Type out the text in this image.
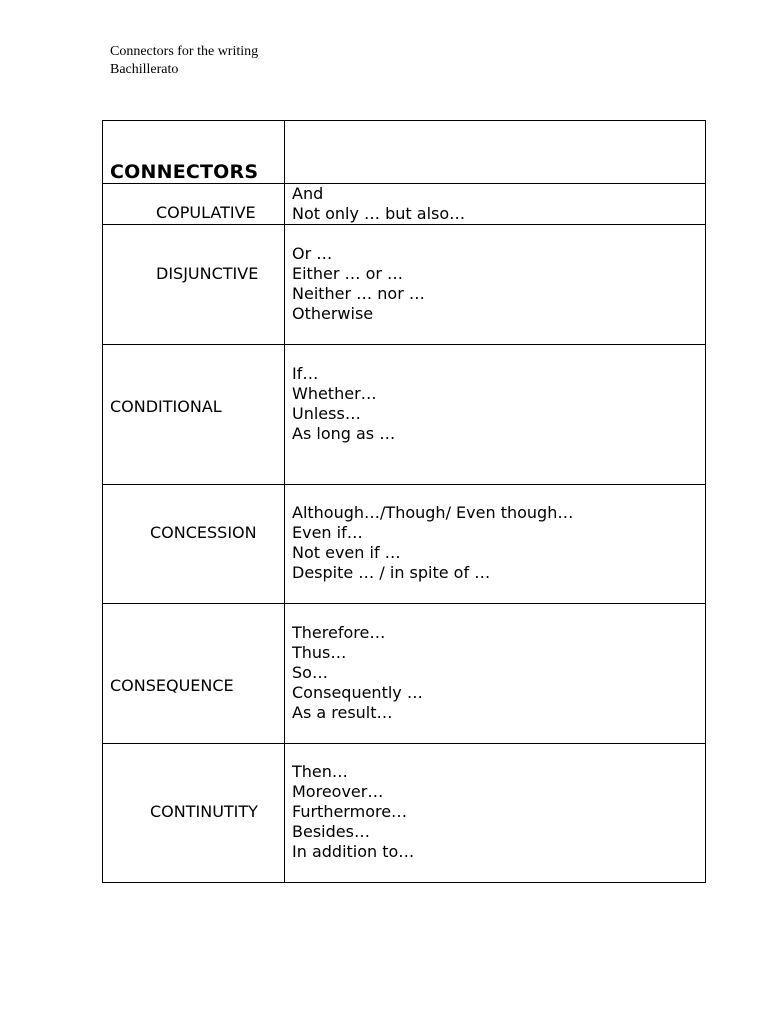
Connectors for the writing
Bachillerato
CONNECTORS	

COPULATIVE	And
Not only … but also…

DISJUNCTIVE	Or …
Either … or …
Neither … nor …
Otherwise

CONDITIONAL	If…
Whether…
Unless…
As long as …

CONCESSION	Although…/Though/ Even though…
Even if…
Not even if …
Despite … / in spite of …

CONSEQUENCE	Therefore…
Thus…
So…
Consequently …
As a result…

CONTINUTITY	Then…
Moreover…
Furthermore…
Besides…
In addition to…
